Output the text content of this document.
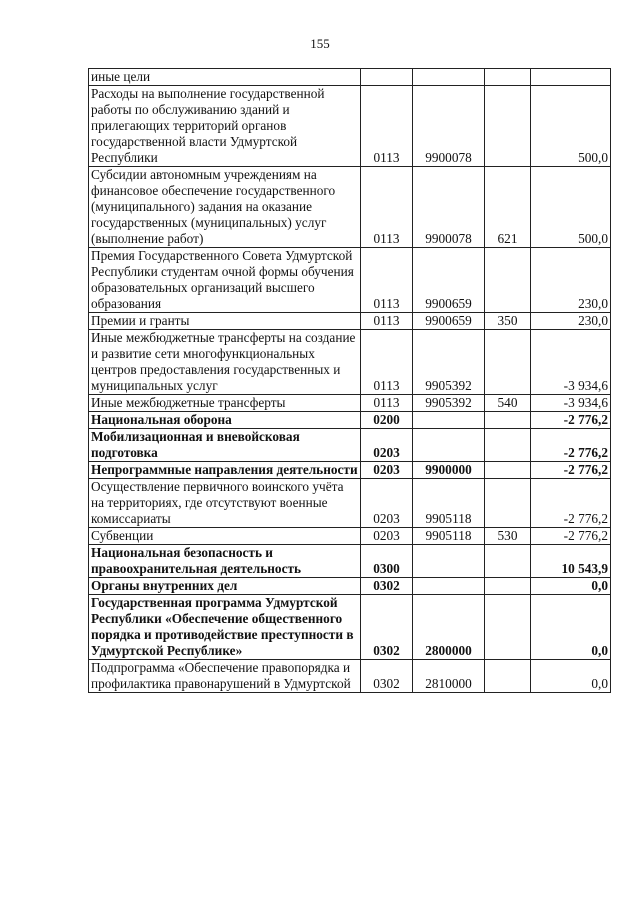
155
иные цели				
Расходы на выполнение государственной работы по обслуживанию зданий и прилегающих территорий органов государственной власти Удмуртской Республики	0113	9900078		500,0
Субсидии автономным учреждениям на финансовое обеспечение государственного (муниципального) задания на оказание государственных (муниципальных) услуг (выполнение работ)	0113	9900078	621	500,0
Премия Государственного Совета Удмуртской Республики студентам очной формы обучения образовательных организаций высшего образования	0113	9900659		230,0
Премии и гранты	0113	9900659	350	230,0
Иные межбюджетные трансферты на создание и развитие сети многофункциональных центров предоставления государственных и муниципальных услуг	0113	9905392		-3 934,6
Иные межбюджетные трансферты	0113	9905392	540	-3 934,6
Национальная оборона	0200			-2 776,2
Мобилизационная и вневойсковая подготовка	0203			-2 776,2
Непрограммные направления деятельности	0203	9900000		-2 776,2
Осуществление первичного воинского учёта на территориях, где отсутствуют военные комиссариаты	0203	9905118		-2 776,2
Субвенции	0203	9905118	530	-2 776,2
Национальная безопасность и правоохранительная деятельность	0300			10 543,9
Органы внутренних дел	0302			0,0
Государственная программа Удмуртской Республики «Обеспечение общественного порядка и противодействие преступности в Удмуртской Республике»	0302	2800000		0,0
Подпрограмма «Обеспечение правопорядка и профилактика правонарушений в Удмуртской	0302	2810000		0,0
